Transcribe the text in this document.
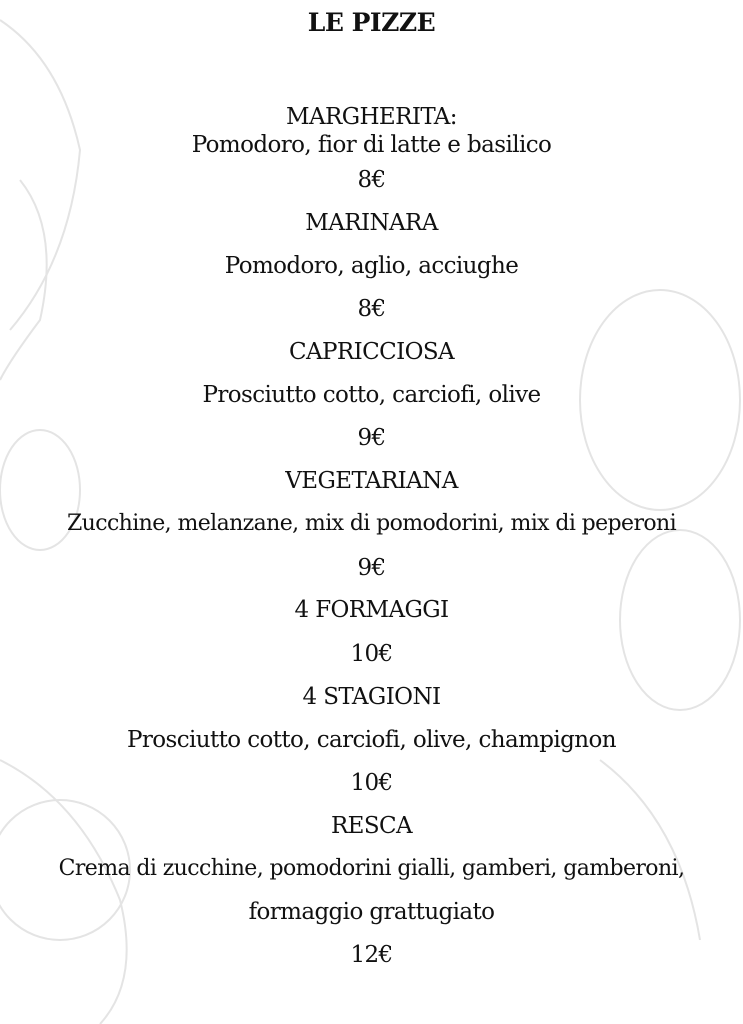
LE PIZZE
MARGHERITA:
Pomodoro, fior di latte e basilico
8€
MARINARA
Pomodoro, aglio, acciughe
8€
CAPRICCIOSA
Prosciutto cotto, carciofi, olive
9€
VEGETARIANA
Zucchine, melanzane, mix di pomodorini, mix di peperoni
9€
4 FORMAGGI
10€
4 STAGIONI
Prosciutto cotto, carciofi, olive, champignon
10€
RESCA
Crema di zucchine, pomodorini gialli, gamberi, gamberoni,
formaggio grattugiato
12€
